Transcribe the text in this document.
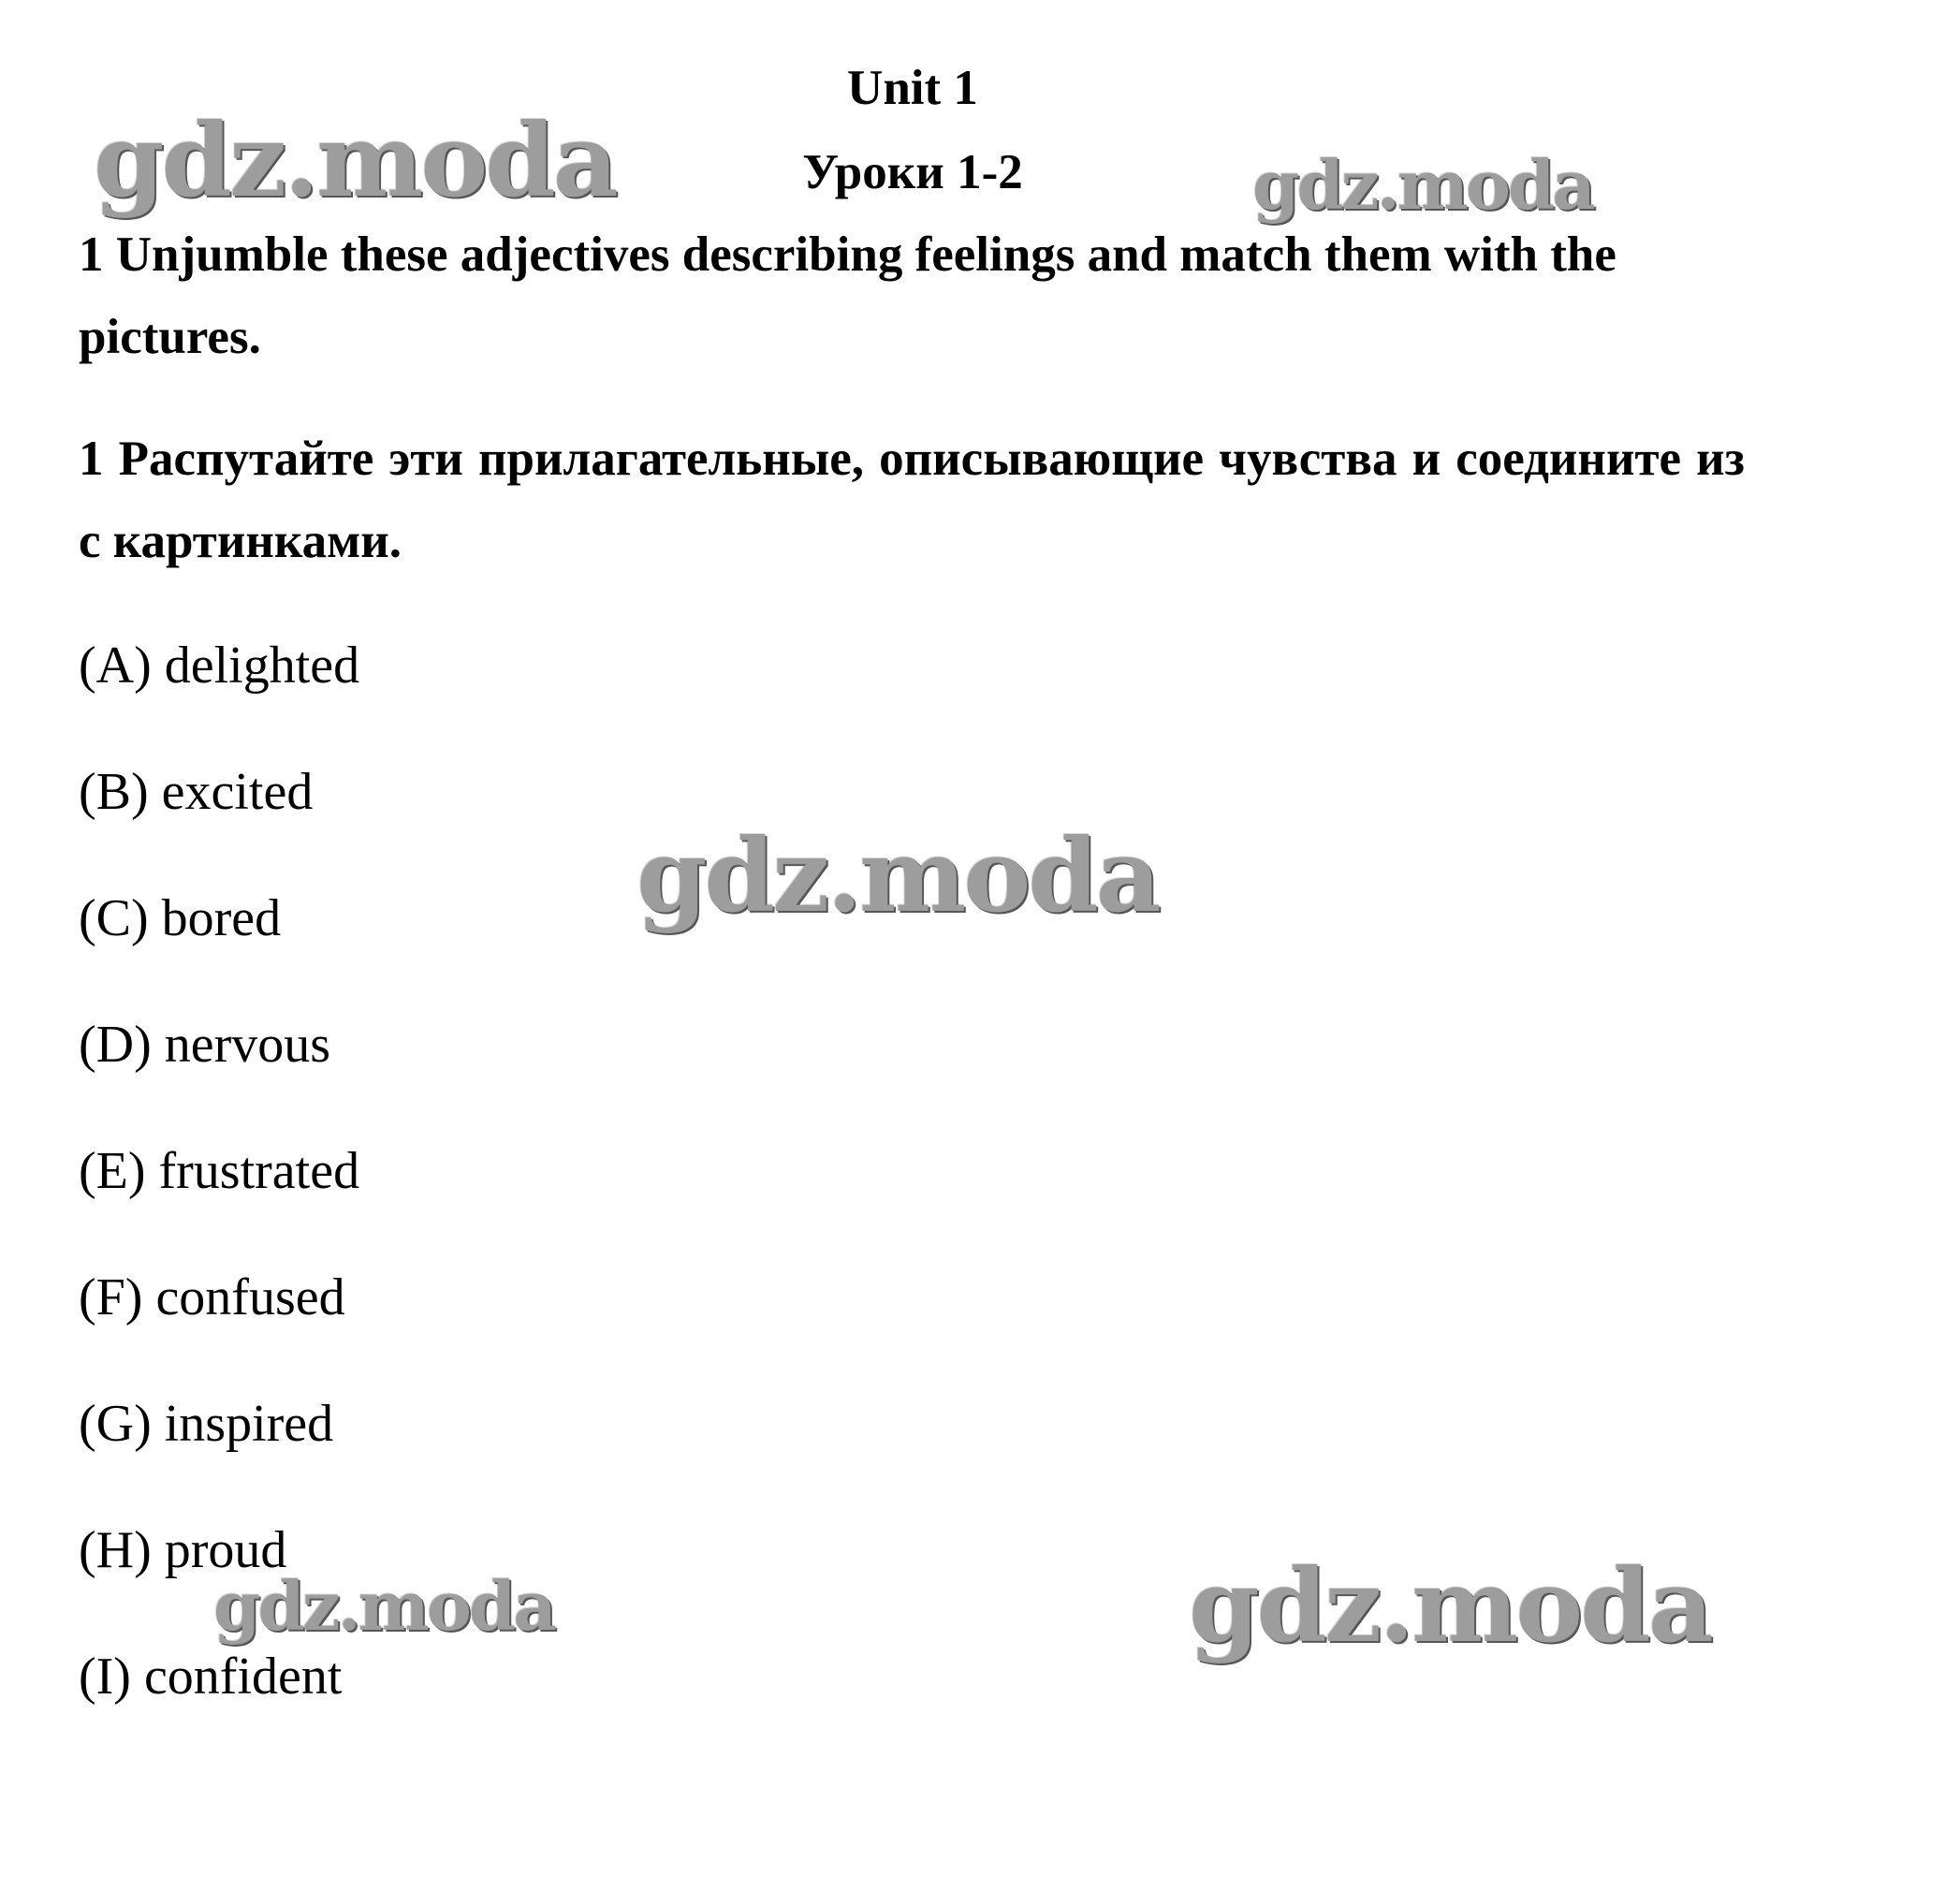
Unit 1
Уроки 1-2

1 Unjumble these adjectives describing feelings and match them with the pictures.

1 Распутайте эти прилагательные, описывающие чувства и соедините из с картинками.

(A) delighted
(B) excited
(C) bored
(D) nervous
(E) frustrated
(F) confused
(G) inspired
(H) proud
(I) confident
gdz.moda	gdz.moda
gdz.moda
gdz.moda	gdz.moda
